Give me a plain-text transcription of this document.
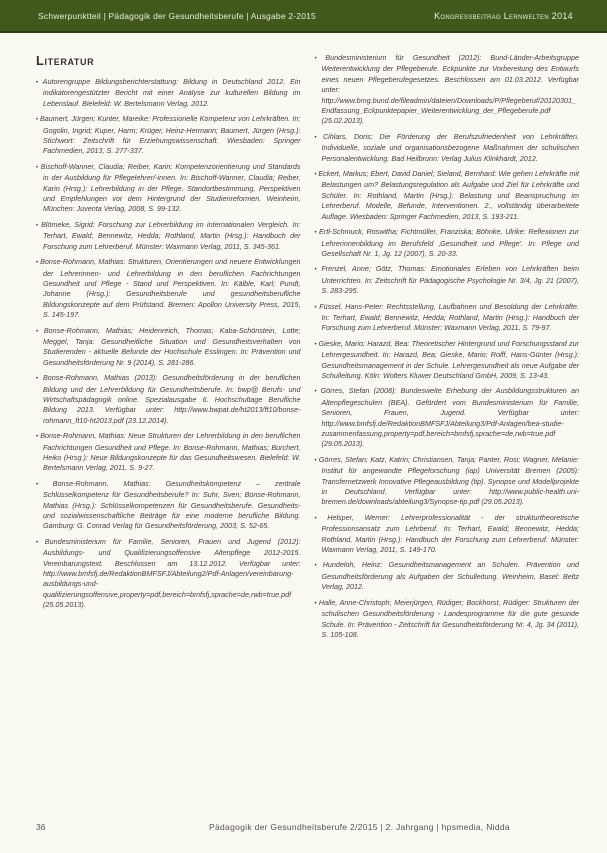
Schwerpunktteil | Pädagogik der Gesundheitsberufe | Ausgabe 2-2015	Kongressbeitrag Lernwelten 2014
Literatur
• Autorengruppe Bildungsberichterstattung: Bildung in Deutschland 2012. Ein indikatorengestützter Bericht mit einer Analyse zur kulturellen Bildung im Lebenslauf. Bielefeld: W. Bertelsmann Verlag, 2012.
• Baumert, Jürgen; Kunter, Mareike: Professionelle Kompetenz von Lehrkräften. In: Gogolin, Ingrid; Kuper, Harm; Krüger, Heinz-Hermann; Baumert, Jürgen (Hrsg.): Stichwort: Zeitschrift für Erziehungswissenschaft. Wiesbaden: Springer Fachmedien, 2013, S. 277-337.
• Bischoff-Wanner, Claudia; Reiber, Karin: Kompetenzorientierung und Standards in der Ausbildung für Pflegelehrer/-innen. In: Bischoff-Wanner, Claudia; Reiber, Karin (Hrsg.): Lehrerbildung in der Pflege. Standortbestimmung, Perspektiven und Empfehlungen vor dem Hintergrund der Studienreformen. Weinheim, München: Juventa Verlag, 2008, S. 99-132.
• Blömeke, Sigrid: Forschung zur Lehrerbildung im internationalen Vergleich. In: Terhart, Ewald; Bennewitz, Hedda; Rothland, Martin (Hrsg.): Handbuch der Forschung zum Lehrerberuf. Münster: Waxmann Verlag, 2011, S. 345-361.
• Bonse-Rohmann, Mathias: Strukturen, Orientierungen und neuere Entwicklungen der Lehrerinnen- und Lehrerbildung in den beruflichen Fachrichtungen Gesundheit und Pflege - Stand und Perspektiven. In: Kälble, Karl; Pundt, Johanne (Hrsg.): Gesundheitsberufe und gesundheitsberufliche Bildungskonzepte auf dem Prüfstand. Bremen: Apollon University Press, 2015, S. 145-197.
• Bonse-Rohmann, Mathias; Heidenreich, Thomas; Kaba-Schönstein, Lotte; Meggel, Tanja: Gesundheitliche Situation und Gesundheitsverhalten von Studierenden - aktuelle Befunde der Hochschule Esslingen. In: Prävention und Gesundheitsförderung Nr. 9 (2014), S. 281-286.
• Bonse-Rohmann, Mathias (2013): Gesundheitsförderung in der beruflichen Bildung und der Lehrerbildung für Gesundheitsberufe. In: bwp@ Berufs- und Wirtschaftspädagogik online. Spezialausgabe 6. Hochschultage Berufliche Bildung 2013. Verfügbar unter: http://www.bwpat.de/ht2013/ft10/bonse-rohmann_ft10-ht2013.pdf (23.12.2014).
• Bonse-Rohmann, Mathias: Neue Strukturen der Lehrerbildung in den beruflichen Fachrichtungen Gesundheit und Pflege. In: Bonse-Rohmann, Mathias; Burchert, Heiko (Hrsg.): Neue Bildungskonzepte für das Gesundheitswesen. Bielefeld: W. Bertelsmann Verlag, 2011, S. 9-27.
• Bonse-Rohmann, Mathias: Gesundheitskompetenz – zentrale Schlüsselkompetenz für Gesundheitsberufe? In: Suhr, Sven; Bonse-Rohmann, Mathias (Hrsg.): Schlüsselkompetenzen für Gesundheitsberufe. Gesundheits- und sozialwissenschaftliche Beiträge für eine moderne berufliche Bildung. Gamburg: G. Conrad Verlag für Gesundheitsförderung, 2003, S. 52-65.
• Bundesministerium für Familie, Senioren, Frauen und Jugend (2012): Ausbildungs- und Qualifizierungsoffensive Altenpflege 2012-2015. Vereinbarungstext. Beschlossen am 13.12.2012. Verfügbar unter: http://www.bmfsfj.de/RedaktionBMFSFJ/Abteilung2/Pdf-Anlagen/vereinbarung-ausbildungs-und-qualifizierungsoffensive,property=pdf,bereich=bmfsfj,sprache=de,rwb=true.pdf (25.05.2013).
• Bundesministerium für Gesundheit (2012): Bund-Länder-Arbeitsgruppe Weiterentwicklung der Pflegeberufe. Eckpunkte zur Vorbereitung des Entwurfs eines neuen Pflegeberufegesetzes. Beschlossen am 01.03.2012. Verfügbar unter: http://www.bmg.bund.de/fileadmin/dateien/Downloads/P/Pflegeberuf/20120301_Endfassung_Eckpunktepapier_Weiterentwicklung_der_Pflegeberufe.pdf (25.02.2013).
• Cihlars, Doris: Die Förderung der Berufszufriedenheit von Lehrkräften. Individuelle, soziale und organisationsbezogene Maßnahmen der schulischen Personalentwicklung. Bad Heilbrunn: Verlag Julius Klinkhardt, 2012.
• Eckert, Markus; Ebert, David Daniel; Sieland, Bernhard: Wie gehen Lehrkräfte mit Belastungen um? Belastungsregulation als Aufgabe und Ziel für Lehrkräfte und Schüler. In: Rothland, Martin (Hrsg.): Belastung und Beanspruchung im Lehrerberuf. Modelle, Befunde, Interventionen. 2., vollständig überarbeitete Auflage. Wiesbaden: Springer Fachmedien, 2013, S. 193-211.
• Ertl-Schmuck, Roswitha; Fichtmüller, Franziska; Böhnke, Ulrike: Reflexionen zur Lehrerinnenbildung im Berufsfeld ‚Gesundheit und Pflege'. In: Pflege und Gesellschaft Nr. 1, Jg. 12 (2007), S. 20-33.
• Frenzel, Anne; Götz, Thomas: Emotionales Erleben von Lehrkräften beim Unterrichten. In: Zeitschrift für Pädagogische Psychologie Nr. 3/4, Jg. 21 (2007), S. 283-295.
• Füssel, Hans-Peter: Rechtsstellung, Laufbahnen und Besoldung der Lehrkräfte. In: Terhart, Ewald; Bennewitz, Hedda; Rothland, Martin (Hrsg.): Handbuch der Forschung zum Lehrerberuf. Münster: Waxmann Verlag, 2011, S. 79-97.
• Gieske, Mario; Harazd, Bea: Theoretischer Hintergrund und Forschungsstand zur Lehrergesundheit. In: Harazd, Bea; Gieske, Mario; Rolff, Hans-Günter (Hrsg.): Gesundheitsmanagement in der Schule. Lehrergesundheit als neue Aufgabe der Schulleitung. Köln: Wolters Kluwer Deutschland GmbH, 2009, S. 13-43.
• Görres, Stefan (2008): Bundesweite Erhebung der Ausbildungsstrukturen an Altenpflegeschulen (BEA). Gefördert vom Bundesministerium für Familie, Senioren, Frauen, Jugend. Verfügbar unter: http://www.bmfsfj.de/RedaktionBMFSFJ/Abteilung3/Pdf-Anlagen/bea-studie-zusammenfassung,property=pdf,bereich=bmfsfj,sprache=de,rwb=true.pdf (29.05.2013).
• Görres, Stefan; Katz, Katrin; Christiansen, Tanja; Panter, Rosi; Wagner, Melanie: Institut für angewandte Pflegeforschung (iap) Universität Bremen (2005): Transfernetzwerk Innovative Pflegeausbildung (tip). Synopse und Modellprojekte in Deutschland. Verfügbar unter: http://www.public-health.uni-bremen.de/downloads/abteilung3/Synopse-tip.pdf (29.05.2013).
• Helsper, Werner: Lehrerprofessionalität - der strukturtheoretische Professionsansatz zum Lehrberuf. In: Terhart, Ewald; Bennewitz, Hedda; Rothland, Martin (Hrsg.): Handbuch der Forschung zum Lehrerberuf. Münster: Waxmann Verlag, 2011, S. 149-170.
• Hundeloh, Heinz: Gesundheitsmanagement an Schulen. Prävention und Gesundheitsförderung als Aufgaben der Schulleitung. Weinheim, Basel: Beltz Verlag, 2012.
• Halle, Anne-Christoph; Meierjürgen, Rüdiger; Bockhorst, Rüdiger: Strukturen der schulischen Gesundheitsförderung - Landesprogramme für die gute gesunde Schule. In: Prävention - Zeitschrift für Gesundheitsförderung Nr. 4, Jg. 34 (2011), S. 105-108.
36	Pädagogik der Gesundheitsberufe 2/2015 | 2. Jahrgang | hpsmedia, Nidda
